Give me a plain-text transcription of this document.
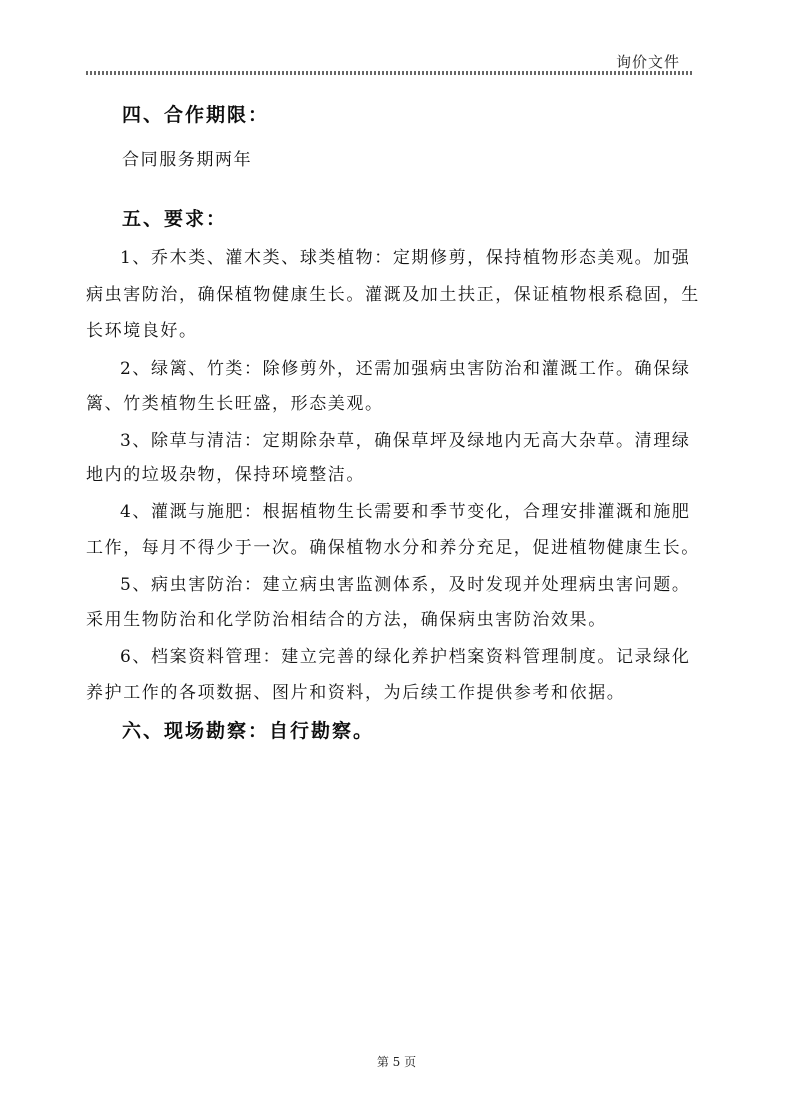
询价文件
四、合作期限：
合同服务期两年
五、要求：
1、乔木类、灌木类、球类植物：定期修剪，保持植物形态美观。加强
病虫害防治，确保植物健康生长。灌溉及加土扶正，保证植物根系稳固，生
长环境良好。
2、绿篱、竹类：除修剪外，还需加强病虫害防治和灌溉工作。确保绿
篱、竹类植物生长旺盛，形态美观。
3、除草与清洁：定期除杂草，确保草坪及绿地内无高大杂草。清理绿
地内的垃圾杂物，保持环境整洁。
4、灌溉与施肥：根据植物生长需要和季节变化，合理安排灌溉和施肥
工作，每月不得少于一次。确保植物水分和养分充足，促进植物健康生长。
5、病虫害防治：建立病虫害监测体系，及时发现并处理病虫害问题。
采用生物防治和化学防治相结合的方法，确保病虫害防治效果。
6、档案资料管理：建立完善的绿化养护档案资料管理制度。记录绿化
养护工作的各项数据、图片和资料，为后续工作提供参考和依据。
六、现场勘察：自行勘察。
第 5 页
